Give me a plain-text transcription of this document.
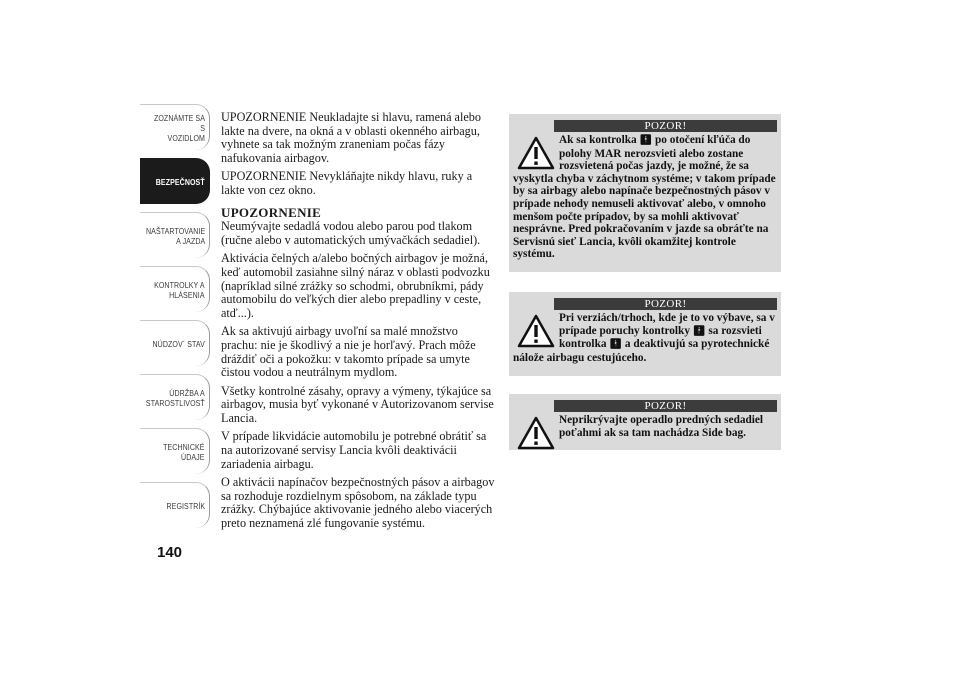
ZOZNÁMTE SA S
VOZIDLOM
BEZPEČNOSŤ
NAŠTARTOVANIE
A JAZDA
KONTROLKY A
HLÁSENIA
NÚDZOV´ STAV
ÚDRŽBA A
STAROSTLIVOSŤ
TECHNICKÉ
ÚDAJE
REGISTRÍK
140

UPOZORNENIE Neukladajte si hlavu, ramená alebo lakte na dvere, na okná a v oblasti okenného airbagu, vyhnete sa tak možným zraneniam počas fázy nafukovania airbagov.

UPOZORNENIE Nevykláňajte nikdy hlavu, ruky a lakte von cez okno.

UPOZORNENIE

Neumývajte sedadlá vodou alebo parou pod tlakom (ručne alebo v automatických umývačkách sedadiel).

Aktivácia čelných a/alebo bočných airbagov je možná, keď automobil zasiahne silný náraz v oblasti podvozku (napríklad silné zrážky so schodmi, obrubníkmi, pády automobilu do veľkých dier alebo prepadliny v ceste, atď...).

Ak sa aktivujú airbagy uvoľní sa malé množstvo prachu: nie je škodlivý a nie je horľavý. Prach môže dráždiť oči a pokožku: v takomto prípade sa umyte čistou vodou a neutrálnym mydlom.

Všetky kontrolné zásahy, opravy a výmeny, týkajúce sa airbagov, musia byť vykonané v Autorizovanom servise Lancia.

V prípade likvidácie automobilu je potrebné obrátiť sa na autorizované servisy Lancia kvôli deaktivácii zariadenia airbagu.

O aktivácii napínačov bezpečnostných pásov a airbagov sa rozhoduje rozdielnym spôsobom, na základe typu zrážky. Chýbajúce aktivovanie jedného alebo viacerých preto neznamená zlé fungovanie systému.

POZOR!
Ak sa kontrolka 🚹︎ po otočení kľúča do polohy MAR nerozsvieti alebo zostane rozsvietená počas jazdy, je možné, že sa vyskytla chyba v záchytnom systéme; v takom prípade by sa airbagy alebo napínače bezpečnostných pásov v prípade nehody nemuseli aktivovať alebo, v omnoho menšom počte prípadov, by sa mohli aktivovať nesprávne. Pred pokračovaním v jazde sa obráťte na Servisnú sieť Lancia, kvôli okamžitej kontrole systému.
POZOR!
Pri verziách/trhoch, kde je to vo výbave, sa v prípade poruchy kontrolky 🚹︎ sa rozsvieti kontrolka 🚹︎ a deaktivujú sa pyrotechnické nálože airbagu cestujúceho.
POZOR!
Neprikrývajte operadlo predných sedadiel poťahmi ak sa tam nachádza Side bag.
